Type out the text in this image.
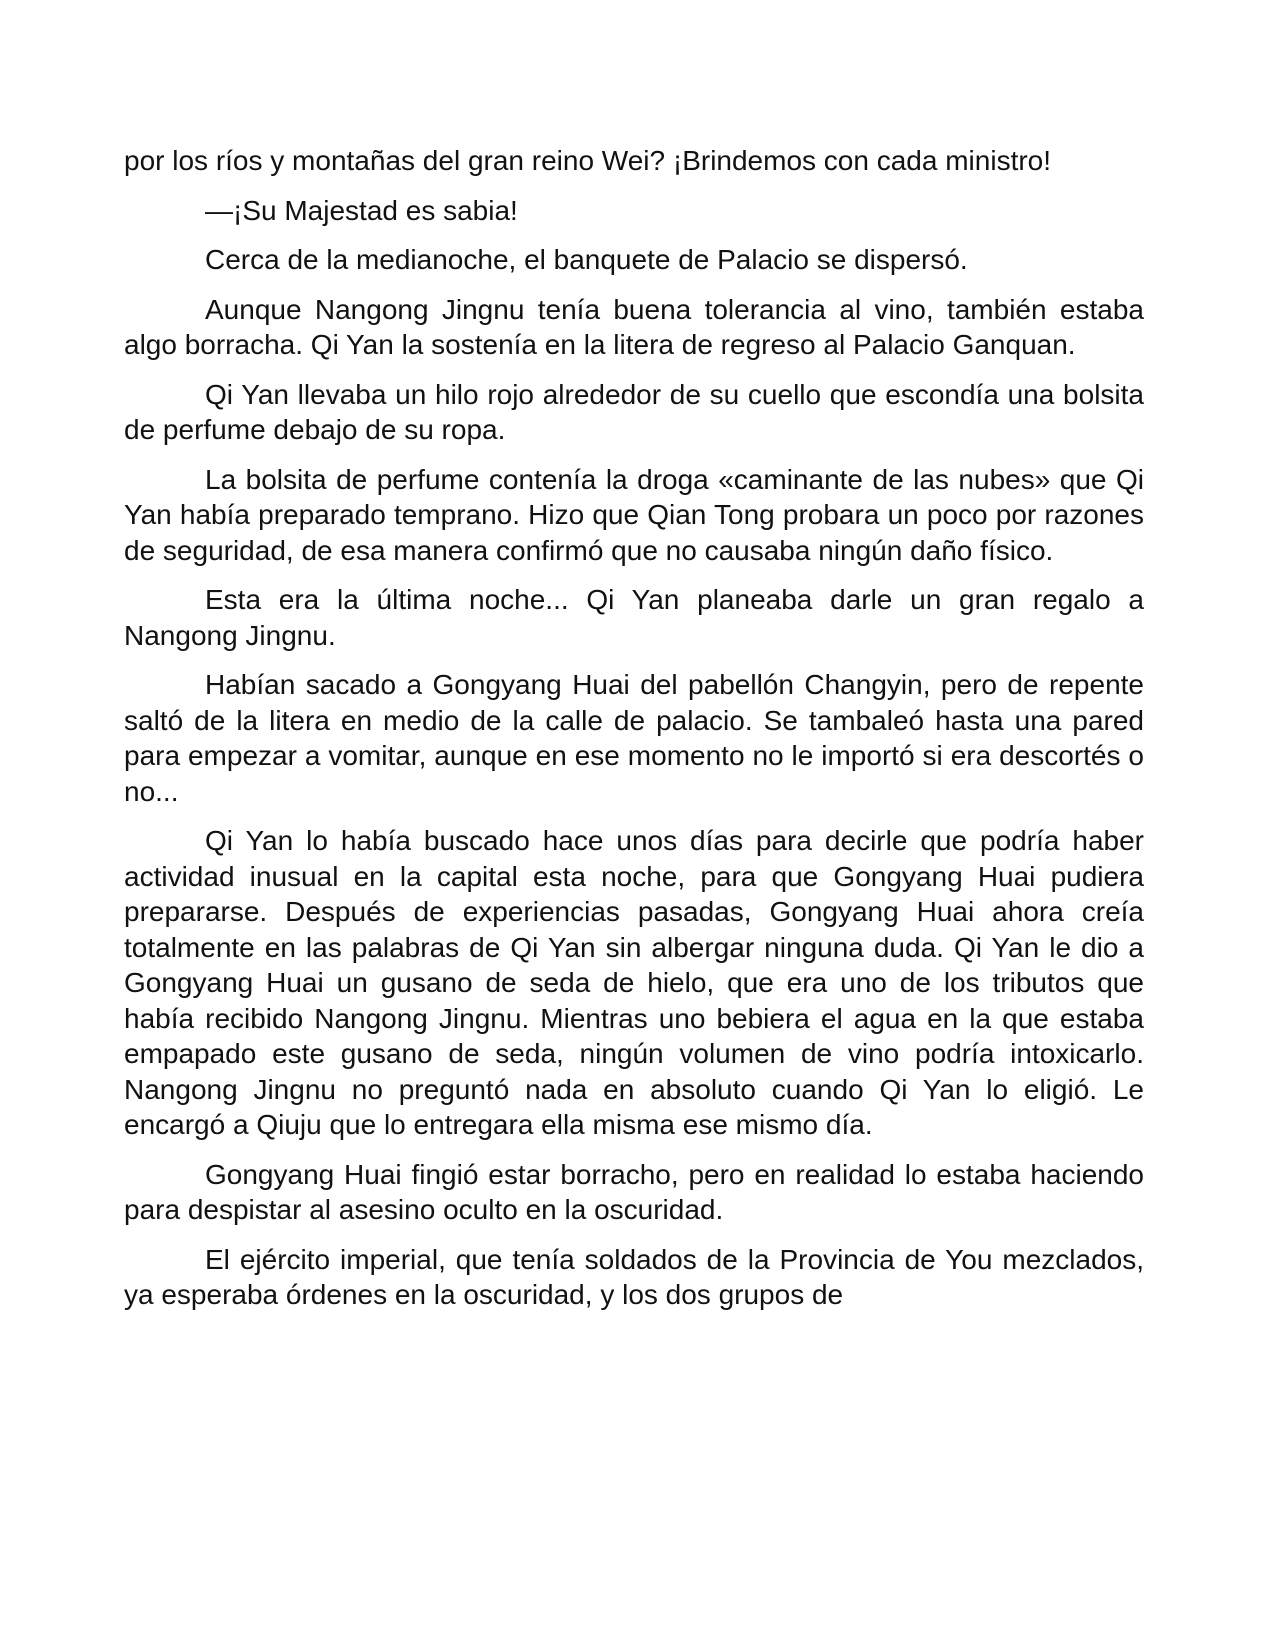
por los ríos y montañas del gran reino Wei? ¡Brindemos con cada ministro!

—¡Su Majestad es sabia!

Cerca de la medianoche, el banquete de Palacio se dispersó.

Aunque Nangong Jingnu tenía buena tolerancia al vino, también estaba algo borracha. Qi Yan la sostenía en la litera de regreso al Palacio Ganquan.

Qi Yan llevaba un hilo rojo alrededor de su cuello que escondía una bolsita de perfume debajo de su ropa.

La bolsita de perfume contenía la droga «caminante de las nubes» que Qi Yan había preparado temprano. Hizo que Qian Tong probara un poco por razones de seguridad, de esa manera confirmó que no causaba ningún daño físico.

Esta era la última noche... Qi Yan planeaba darle un gran regalo a Nangong Jingnu.

Habían sacado a Gongyang Huai del pabellón Changyin, pero de repente saltó de la litera en medio de la calle de palacio. Se tambaleó hasta una pared para empezar a vomitar, aunque en ese momento no le importó si era descortés o no...

Qi Yan lo había buscado hace unos días para decirle que podría haber actividad inusual en la capital esta noche, para que Gongyang Huai pudiera prepararse. Después de experiencias pasadas, Gongyang Huai ahora creía totalmente en las palabras de Qi Yan sin albergar ninguna duda. Qi Yan le dio a Gongyang Huai un gusano de seda de hielo, que era uno de los tributos que había recibido Nangong Jingnu. Mientras uno bebiera el agua en la que estaba empapado este gusano de seda, ningún volumen de vino podría intoxicarlo. Nangong Jingnu no preguntó nada en absoluto cuando Qi Yan lo eligió. Le encargó a Qiuju que lo entregara ella misma ese mismo día.

Gongyang Huai fingió estar borracho, pero en realidad lo estaba haciendo para despistar al asesino oculto en la oscuridad.

El ejército imperial, que tenía soldados de la Provincia de You mezclados, ya esperaba órdenes en la oscuridad, y los dos grupos de
